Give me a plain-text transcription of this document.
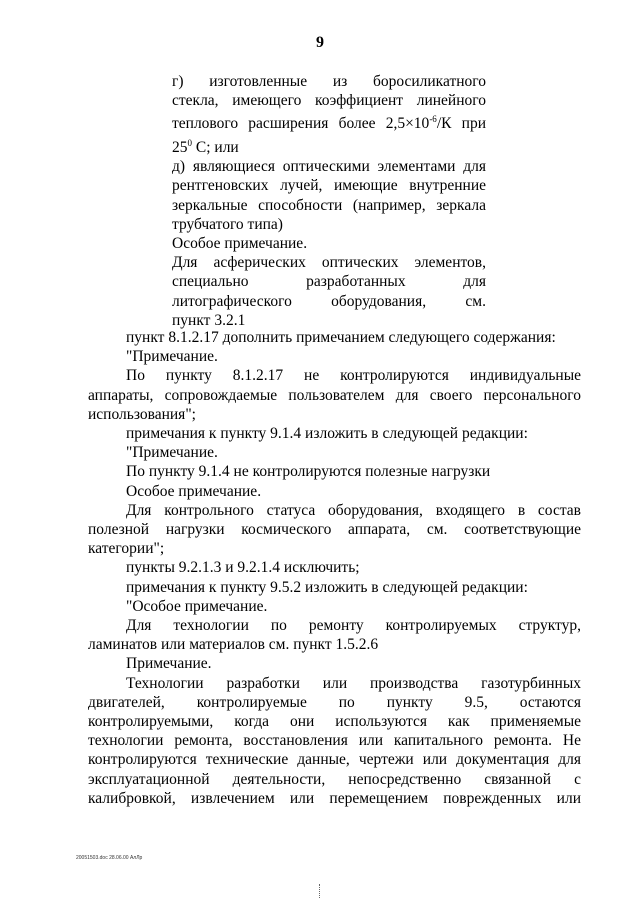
9
г) изготовленные из боросиликатного
стекла, имеющего коэффициент линейного
теплового расширения более $2,5\times 10^{-6}/К$ при
$25^0$ С; или
д) являющиеся оптическими элементами для
рентгеновских лучей, имеющие внутренние
зеркальные способности (например, зеркала
трубчатого типа)
Особое примечание.
Для асферических оптических элементов,
специально разработанных для
литографического оборудования, см.
пункт 3.2.1
пункт 8.1.2.17 дополнить примечанием следующего содержания:
"Примечание.
По пункту 8.1.2.17 не контролируются индивидуальные
аппараты, сопровождаемые пользователем для своего персонального
использования";
примечания к пункту 9.1.4 изложить в следующей редакции:
"Примечание.
По пункту 9.1.4 не контролируются полезные нагрузки
Особое примечание.
Для контрольного статуса оборудования, входящего в состав
полезной нагрузки космического аппарата, см. соответствующие
категории";
пункты 9.2.1.3 и 9.2.1.4 исключить;
примечания к пункту 9.5.2 изложить в следующей редакции:
"Особое примечание.
Для технологии по ремонту контролируемых структур,
ламинатов или материалов см. пункт 1.5.2.6
Примечание.
Технологии разработки или производства газотурбинных
двигателей, контролируемые по пункту 9.5, остаются
контролируемыми, когда они используются как применяемые
технологии ремонта, восстановления или капитального ремонта. Не
контролируются технические данные, чертежи или документация для
эксплуатационной деятельности, непосредственно связанной с
калибровкой, извлечением или перемещением поврежденных или
20051503.doc 28.06.00 АлЛр
